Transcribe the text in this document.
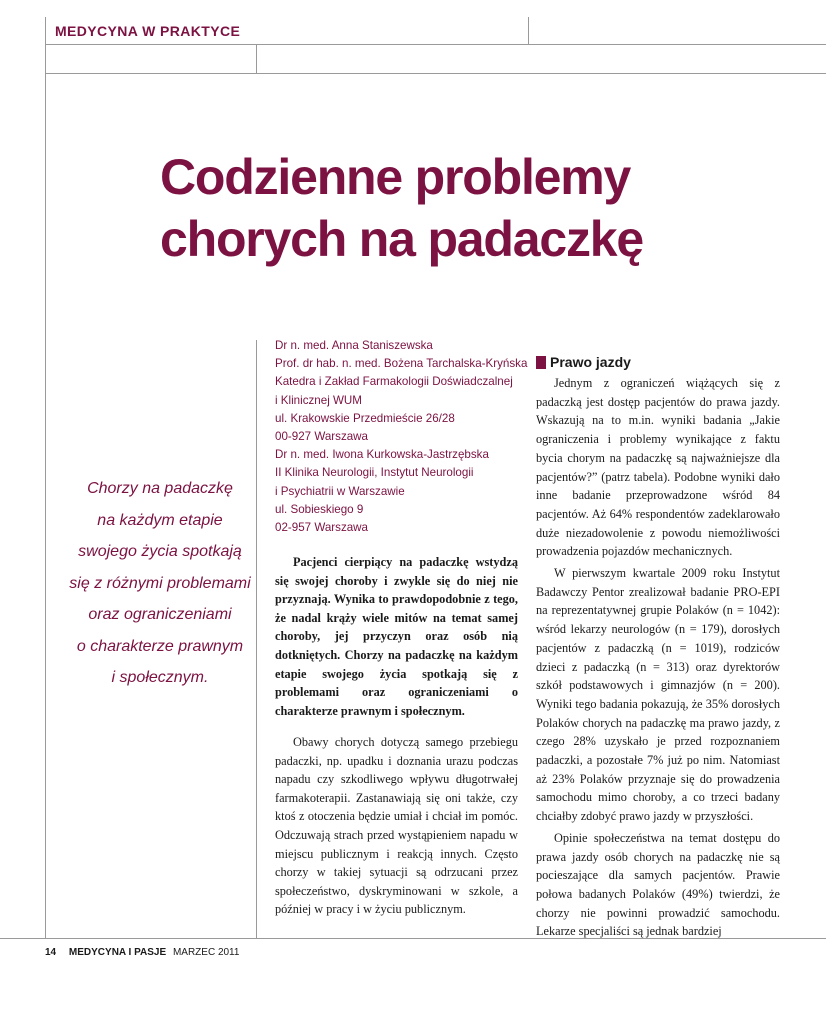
MEDYCYNA W PRAKTYCE
Codzienne problemy
chorych na padaczkę
Chorzy na padaczkę
na każdym etapie
swojego życia spotkają
się z różnymi problemami
oraz ograniczeniami
o charakterze prawnym
i społecznym.
Dr n. med. Anna Staniszewska
Prof. dr hab. n. med. Bożena Tarchalska-Kryńska
Katedra i Zakład Farmakologii Doświadczalnej
i Klinicznej WUM
ul. Krakowskie Przedmieście 26/28
00-927 Warszawa
Dr n. med. Iwona Kurkowska-Jastrzębska
II Klinika Neurologii, Instytut Neurologii
i Psychiatrii w Warszawie
ul. Sobieskiego 9
02-957 Warszawa

Pacjenci cierpiący na padaczkę wstydzą się swojej choroby i zwykle się do niej nie przyznają. Wynika to prawdopodobnie z tego, że nadal krąży wiele mitów na temat samej choroby, jej przyczyn oraz osób nią dotkniętych. Chorzy na padaczkę na każdym etapie swojego życia spotkają się z problemami oraz ograniczeniami o charakterze prawnym i społecznym.

Obawy chorych dotyczą samego przebiegu padaczki, np. upadku i doznania urazu podczas napadu czy szkodliwego wpływu długotrwałej farmakoterapii. Zastanawiają się oni także, czy ktoś z otoczenia będzie umiał i chciał im pomóc. Odczuwają strach przed wystąpieniem napadu w miejscu publicznym i reakcją innych. Często chorzy w takiej sytuacji są odrzucani przez społeczeństwo, dyskryminowani w szkole, a później w pracy i w życiu publicznym.

Prawo jazdy

Jednym z ograniczeń wiążących się z padaczką jest dostęp pacjentów do prawa jazdy. Wskazują na to m.in. wyniki badania „Jakie ograniczenia i problemy wynikające z faktu bycia chorym na padaczkę są najważniejsze dla pacjentów?” (patrz tabela). Podobne wyniki dało inne badanie przeprowadzone wśród 84 pacjentów. Aż 64% respondentów zadeklarowało duże niezadowolenie z powodu niemożliwości prowadzenia pojazdów mechanicznych.

W pierwszym kwartale 2009 roku Instytut Badawczy Pentor zrealizował badanie PRO-EPI na reprezentatywnej grupie Polaków (n = 1042): wśród lekarzy neurologów (n = 179), dorosłych pacjentów z padaczką (n = 1019), rodziców dzieci z padaczką (n = 313) oraz dyrektorów szkół podstawowych i gimnazjów (n = 200). Wyniki tego badania pokazują, że 35% dorosłych Polaków chorych na padaczkę ma prawo jazdy, z czego 28% uzyskało je przed rozpoznaniem padaczki, a pozostałe 7% już po nim. Natomiast aż 23% Polaków przyznaje się do prowadzenia samochodu mimo choroby, a co trzeci badany chciałby zdobyć prawo jazdy w przyszłości.

Opinie społeczeństwa na temat dostępu do prawa jazdy osób chorych na padaczkę nie są pocieszające dla samych pacjentów. Prawie połowa badanych Polaków (49%) twierdzi, że chorzy nie powinni prowadzić samochodu. Lekarze specjaliści są jednak bardziej

14 MEDYCYNA I PASJE MARZEC 2011
